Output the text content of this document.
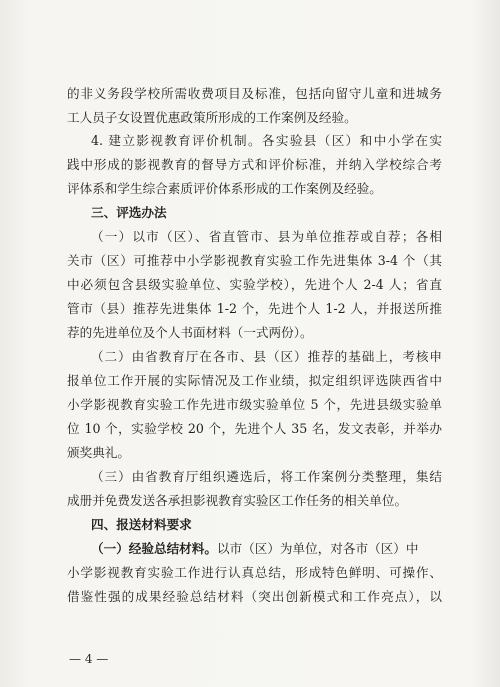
的非义务段学校所需收费项目及标准，包括向留守儿童和进城务
工人员子女设置优惠政策所形成的工作案例及经验。
4. 建立影视教育评价机制。各实验县（区）和中小学在实
践中形成的影视教育的督导方式和评价标准，并纳入学校综合考
评体系和学生综合素质评价体系形成的工作案例及经验。
三、评选办法
（一）以市（区）、省直管市、县为单位推荐或自荐；各相
关市（区）可推荐中小学影视教育实验工作先进集体 3-4 个（其
中必须包含县级实验单位、实验学校），先进个人 2-4 人；省直
管市（县）推荐先进集体 1-2 个，先进个人 1-2 人，并报送所推
荐的先进单位及个人书面材料（一式两份）。
（二）由省教育厅在各市、县（区）推荐的基础上，考核申
报单位工作开展的实际情况及工作业绩，拟定组织评选陕西省中
小学影视教育实验工作先进市级实验单位 5 个，先进县级实验单
位 10 个，实验学校 20 个，先进个人 35 名，发文表彰，并举办
颁奖典礼。
（三）由省教育厅组织遴选后，将工作案例分类整理，集结
成册并免费发送各承担影视教育实验区工作任务的相关单位。
四、报送材料要求
（一）经验总结材料。以市（区）为单位，对各市（区）中
小学影视教育实验工作进行认真总结，形成特色鲜明、可操作、
借鉴性强的成果经验总结材料（突出创新模式和工作亮点），以
— 4 —
